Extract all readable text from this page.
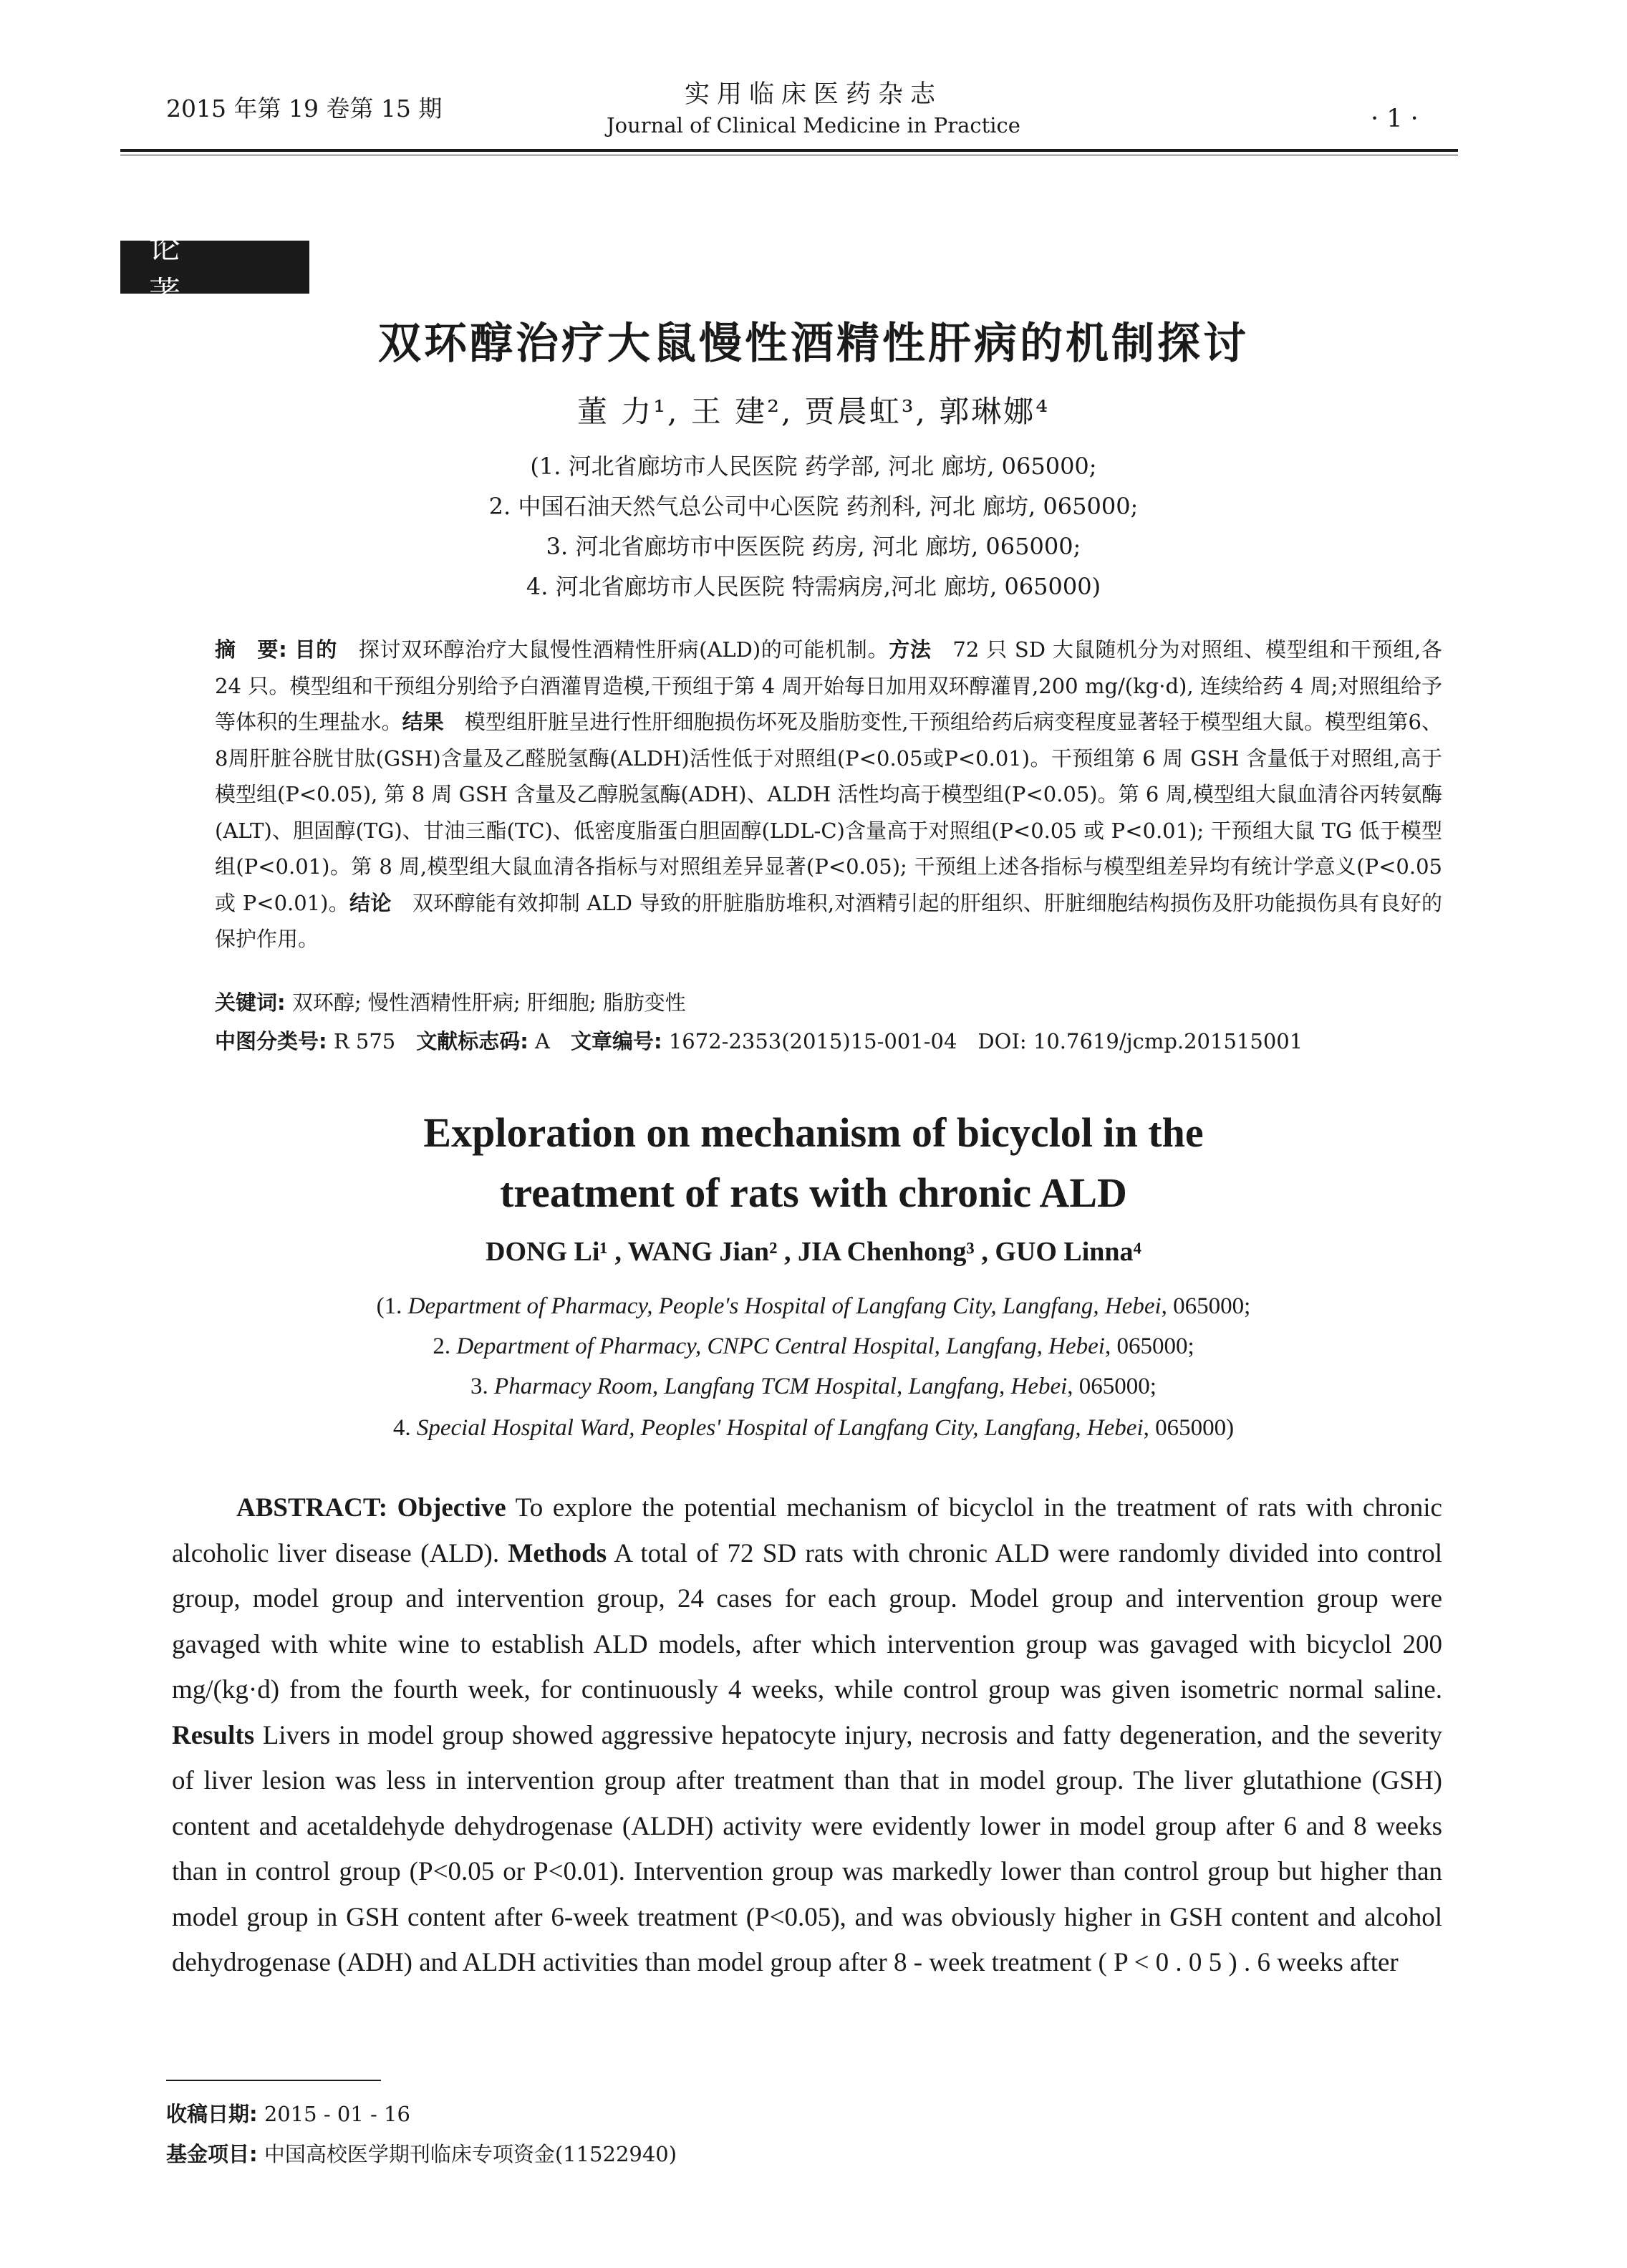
2015 年第 19 卷第 15 期	实用临床医药杂志
Journal of Clinical Medicine in Practice	· 1 ·
论 著
双环醇治疗大鼠慢性酒精性肝病的机制探讨
董 力¹, 王 建², 贾晨虹³, 郭琳娜⁴
(1. 河北省廊坊市人民医院 药学部, 河北 廊坊, 065000;
2. 中国石油天然气总公司中心医院 药剂科, 河北 廊坊, 065000;
3. 河北省廊坊市中医医院 药房, 河北 廊坊, 065000;
4. 河北省廊坊市人民医院 特需病房,河北 廊坊, 065000)
摘　要: 目的　探讨双环醇治疗大鼠慢性酒精性肝病(ALD)的可能机制。方法　72 只 SD 大鼠随机分为对照组、模型组和干预组,各 24 只。模型组和干预组分别给予白酒灌胃造模,干预组于第 4 周开始每日加用双环醇灌胃,200 mg/(kg·d), 连续给药 4 周;对照组给予等体积的生理盐水。结果　模型组肝脏呈进行性肝细胞损伤坏死及脂肪变性,干预组给药后病变程度显著轻于模型组大鼠。模型组第6、8周肝脏谷胱甘肽(GSH)含量及乙醛脱氢酶(ALDH)活性低于对照组(P<0.05或P<0.01)。干预组第 6 周 GSH 含量低于对照组,高于模型组(P<0.05), 第 8 周 GSH 含量及乙醇脱氢酶(ADH)、ALDH 活性均高于模型组(P<0.05)。第 6 周,模型组大鼠血清谷丙转氨酶(ALT)、胆固醇(TG)、甘油三酯(TC)、低密度脂蛋白胆固醇(LDL-C)含量高于对照组(P<0.05 或 P<0.01); 干预组大鼠 TG 低于模型组(P<0.01)。第 8 周,模型组大鼠血清各指标与对照组差异显著(P<0.05); 干预组上述各指标与模型组差异均有统计学意义(P<0.05 或 P<0.01)。结论　双环醇能有效抑制 ALD 导致的肝脏脂肪堆积,对酒精引起的肝组织、肝脏细胞结构损伤及肝功能损伤具有良好的保护作用。
关键词: 双环醇; 慢性酒精性肝病; 肝细胞; 脂肪变性
中图分类号: R 575　文献标志码: A　文章编号: 1672-2353(2015)15-001-04　DOI: 10.7619/jcmp.201515001
Exploration on mechanism of bicyclol in the
treatment of rats with chronic ALD
DONG Li¹ , WANG Jian² , JIA Chenhong³ , GUO Linna⁴
(1. Department of Pharmacy, People's Hospital of Langfang City, Langfang, Hebei, 065000;
2. Department of Pharmacy, CNPC Central Hospital, Langfang, Hebei, 065000;
3. Pharmacy Room, Langfang TCM Hospital, Langfang, Hebei, 065000;
4. Special Hospital Ward, Peoples' Hospital of Langfang City, Langfang, Hebei, 065000)
ABSTRACT: Objective To explore the potential mechanism of bicyclol in the treatment of rats with chronic alcoholic liver disease (ALD). Methods A total of 72 SD rats with chronic ALD were randomly divided into control group, model group and intervention group, 24 cases for each group. Model group and intervention group were gavaged with white wine to establish ALD models, after which intervention group was gavaged with bicyclol 200 mg/(kg·d) from the fourth week, for continuously 4 weeks, while control group was given isometric normal saline. Results Livers in model group showed aggressive hepatocyte injury, necrosis and fatty degeneration, and the severity of liver lesion was less in intervention group after treatment than that in model group. The liver glutathione (GSH) content and acetaldehyde dehydrogenase (ALDH) activity were evidently lower in model group after 6 and 8 weeks than in control group (P<0.05 or P<0.01). Intervention group was markedly lower than control group but higher than model group in GSH content after 6-week treatment (P<0.05), and was obviously higher in GSH content and alcohol dehydrogenase (ADH) and ALDH activities than model group after 8 - week treatment ( P < 0 . 0 5 ) . 6 weeks after
收稿日期: 2015 - 01 - 16
基金项目: 中国高校医学期刊临床专项资金(11522940)
